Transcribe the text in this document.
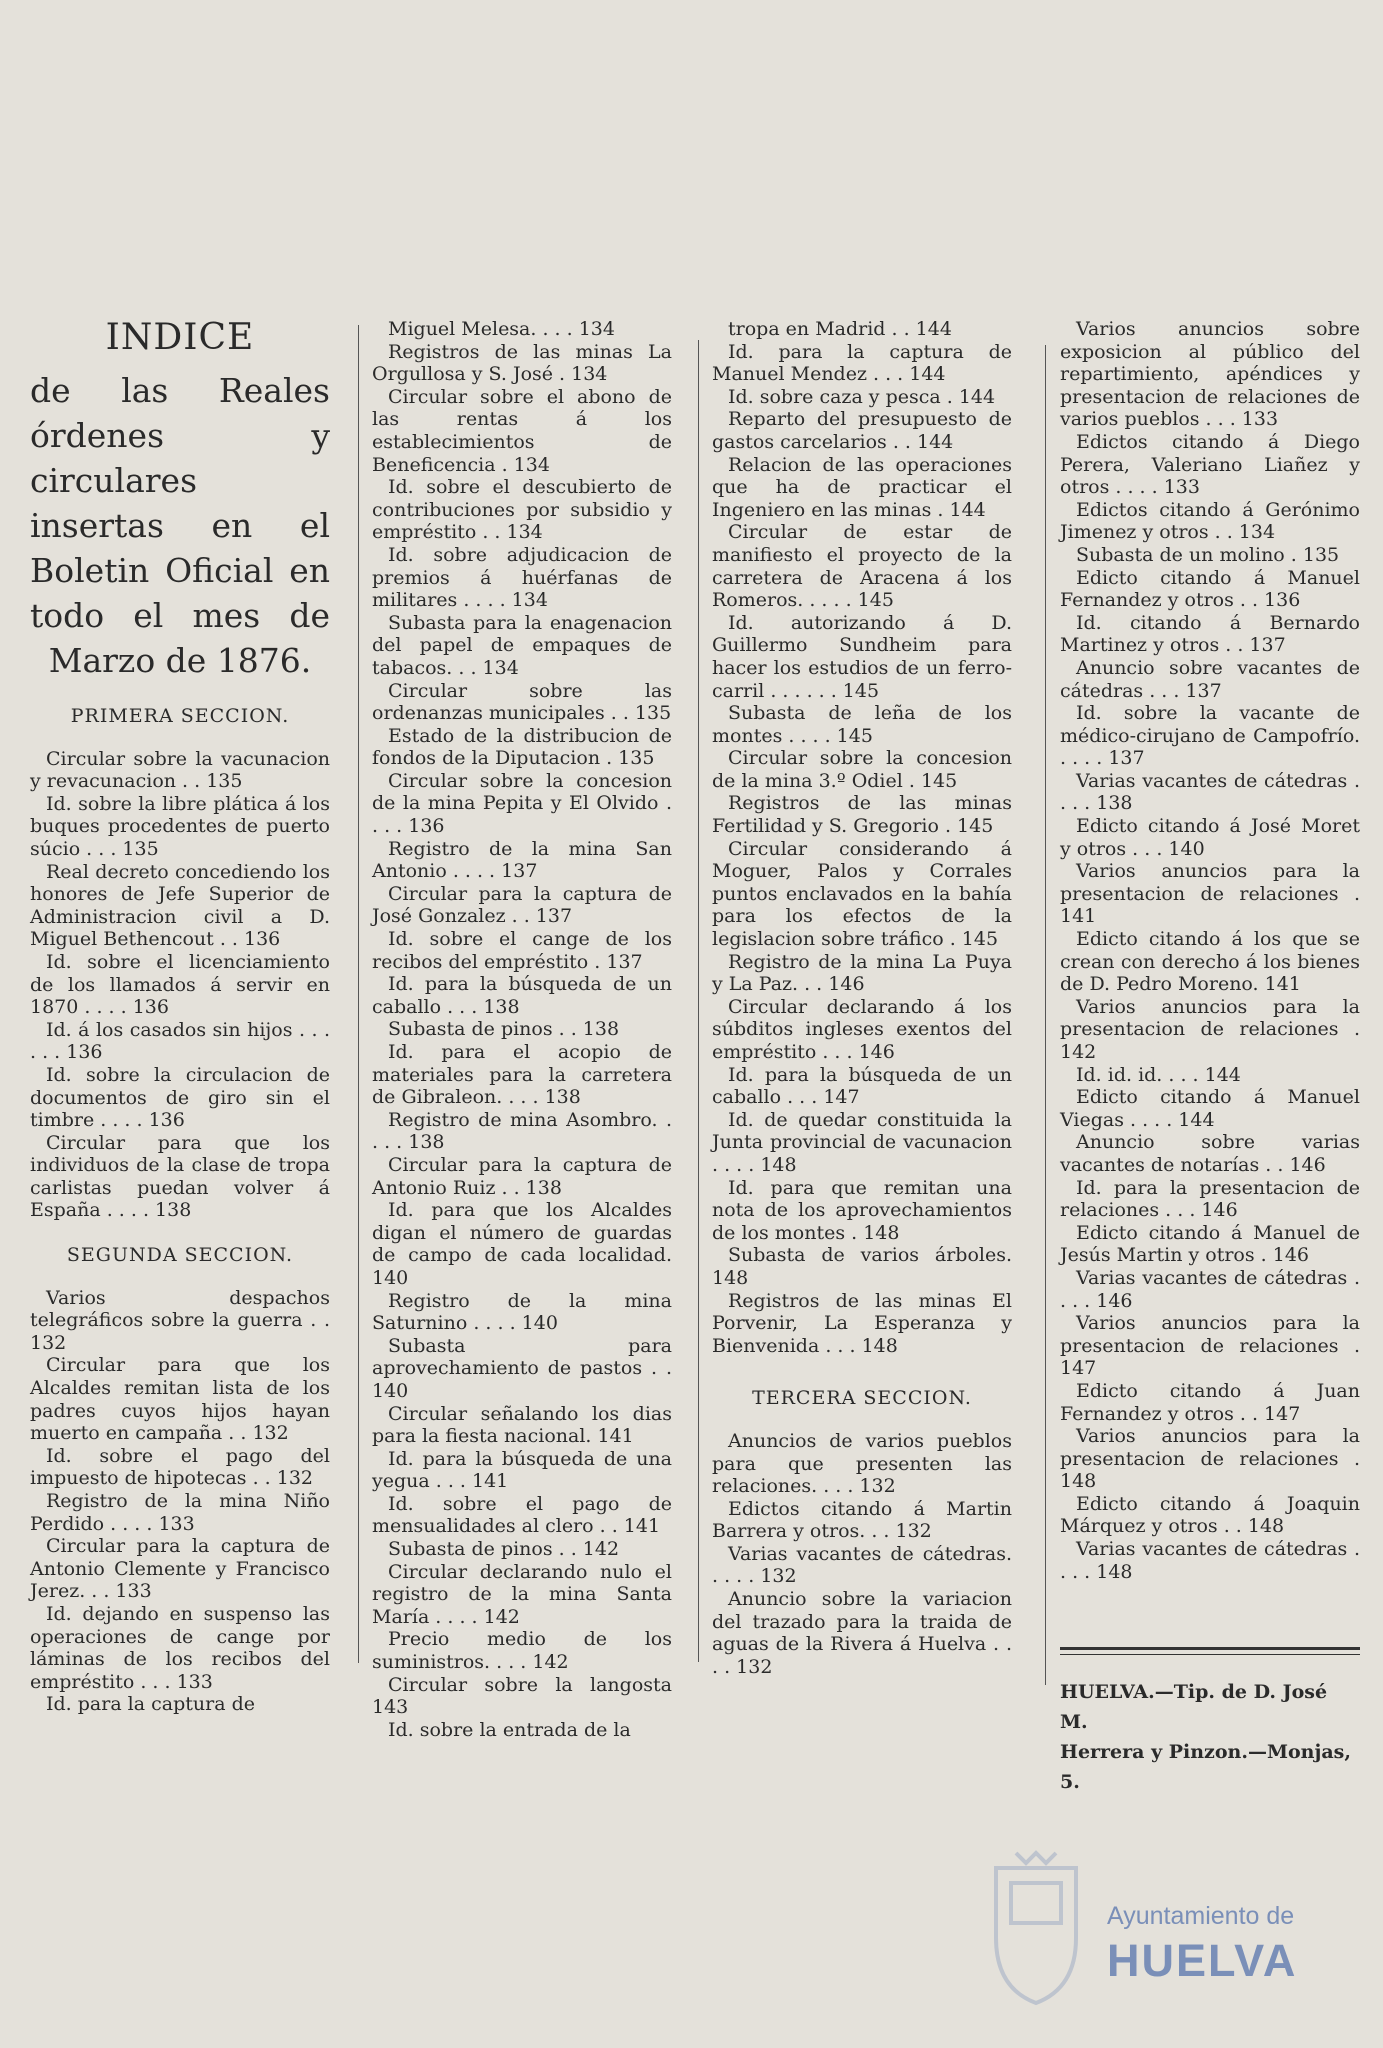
INDICE
de las Reales órdenes y circulares insertas en el Boletin Oficial en todo el mes de Marzo de 1876.
PRIMERA SECCION.

Circular sobre la vacunacion y revacunacion . . 135

Id. sobre la libre plática á los buques procedentes de puerto súcio . . . 135

Real decreto concediendo los honores de Jefe Superior de Administracion civil a D. Miguel Bethencout . . 136

Id. sobre el licenciamiento de los llamados á servir en 1870 . . . . 136

Id. á los casados sin hijos . . . . . . 136

Id. sobre la circulacion de documentos de giro sin el timbre . . . . 136

Circular para que los individuos de la clase de tropa carlistas puedan volver á España . . . . 138

SEGUNDA SECCION.

Varios despachos telegráficos sobre la guerra . . 132

Circular para que los Alcaldes remitan lista de los padres cuyos hijos hayan muerto en campaña . . 132

Id. sobre el pago del impuesto de hipotecas . . 132

Registro de la mina Niño Perdido . . . . 133

Circular para la captura de Antonio Clemente y Francisco Jerez. . . 133

Id. dejando en suspenso las operaciones de cange por láminas de los recibos del empréstito . . . 133

Id. para la captura de

Miguel Melesa. . . . 134

Registros de las minas La Orgullosa y S. José . 134

Circular sobre el abono de las rentas á los establecimientos de Beneficencia . 134

Id. sobre el descubierto de contribuciones por subsidio y empréstito . . 134

Id. sobre adjudicacion de premios á huérfanas de militares . . . . 134

Subasta para la enagenacion del papel de empaques de tabacos. . . 134

Circular sobre las ordenanzas municipales . . 135

Estado de la distribucion de fondos de la Diputacion . 135

Circular sobre la concesion de la mina Pepita y El Olvido . . . . 136

Registro de la mina San Antonio . . . . 137

Circular para la captura de José Gonzalez . . 137

Id. sobre el cange de los recibos del empréstito . 137

Id. para la búsqueda de un caballo . . . 138

Subasta de pinos . . 138

Id. para el acopio de materiales para la carretera de Gibraleon. . . . 138

Registro de mina Asombro. . . . . 138

Circular para la captura de Antonio Ruiz . . 138

Id. para que los Alcaldes digan el número de guardas de campo de cada localidad. 140

Registro de la mina Saturnino . . . . 140

Subasta para aprovechamiento de pastos . . 140

Circular señalando los dias para la fiesta nacional. 141

Id. para la búsqueda de una yegua . . . 141

Id. sobre el pago de mensualidades al clero . . 141

Subasta de pinos . . 142

Circular declarando nulo el registro de la mina Santa María . . . . 142

Precio medio de los suministros. . . . 142

Circular sobre la langosta 143

Id. sobre la entrada de la

tropa en Madrid . . 144

Id. para la captura de Manuel Mendez . . . 144

Id. sobre caza y pesca . 144

Reparto del presupuesto de gastos carcelarios . . 144

Relacion de las operaciones que ha de practicar el Ingeniero en las minas . 144

Circular de estar de manifiesto el proyecto de la carretera de Aracena á los Romeros. . . . . 145

Id. autorizando á D. Guillermo Sundheim para hacer los estudios de un ferro-carril . . . . . . 145

Subasta de leña de los montes . . . . 145

Circular sobre la concesion de la mina 3.º Odiel . 145

Registros de las minas Fertilidad y S. Gregorio . 145

Circular considerando á Moguer, Palos y Corrales puntos enclavados en la bahía para los efectos de la legislacion sobre tráfico . 145

Registro de la mina La Puya y La Paz. . . 146

Circular declarando á los súbditos ingleses exentos del empréstito . . . 146

Id. para la búsqueda de un caballo . . . 147

Id. de quedar constituida la Junta provincial de vacunacion . . . . 148

Id. para que remitan una nota de los aprovechamientos de los montes . 148

Subasta de varios árboles. 148

Registros de las minas El Porvenir, La Esperanza y Bienvenida . . . 148

TERCERA SECCION.

Anuncios de varios pueblos para que presenten las relaciones. . . . 132

Edictos citando á Martin Barrera y otros. . . 132

Varias vacantes de cátedras. . . . . 132

Anuncio sobre la variacion del trazado para la traida de aguas de la Rivera á Huelva . . . . 132

Varios anuncios sobre exposicion al público del repartimiento, apéndices y presentacion de relaciones de varios pueblos . . . 133

Edictos citando á Diego Perera, Valeriano Liañez y otros . . . . 133

Edictos citando á Gerónimo Jimenez y otros . . 134

Subasta de un molino . 135

Edicto citando á Manuel Fernandez y otros . . 136

Id. citando á Bernardo Martinez y otros . . 137

Anuncio sobre vacantes de cátedras . . . 137

Id. sobre la vacante de médico-cirujano de Campofrío. . . . . 137

Varias vacantes de cátedras . . . . 138

Edicto citando á José Moret y otros . . . 140

Varios anuncios para la presentacion de relaciones . 141

Edicto citando á los que se crean con derecho á los bienes de D. Pedro Moreno. 141

Varios anuncios para la presentacion de relaciones . 142

Id. id. id. . . . 144

Edicto citando á Manuel Viegas . . . . 144

Anuncio sobre varias vacantes de notarías . . 146

Id. para la presentacion de relaciones . . . 146

Edicto citando á Manuel de Jesús Martin y otros . 146

Varias vacantes de cátedras . . . . 146

Varios anuncios para la presentacion de relaciones . 147

Edicto citando á Juan Fernandez y otros . . 147

Varios anuncios para la presentacion de relaciones . 148

Edicto citando á Joaquin Márquez y otros . . 148

Varias vacantes de cátedras . . . . 148

HUELVA.—Tip. de D. José M.
Herrera y Pinzon.—Monjas, 5.
Ayuntamiento de
HUELVA
